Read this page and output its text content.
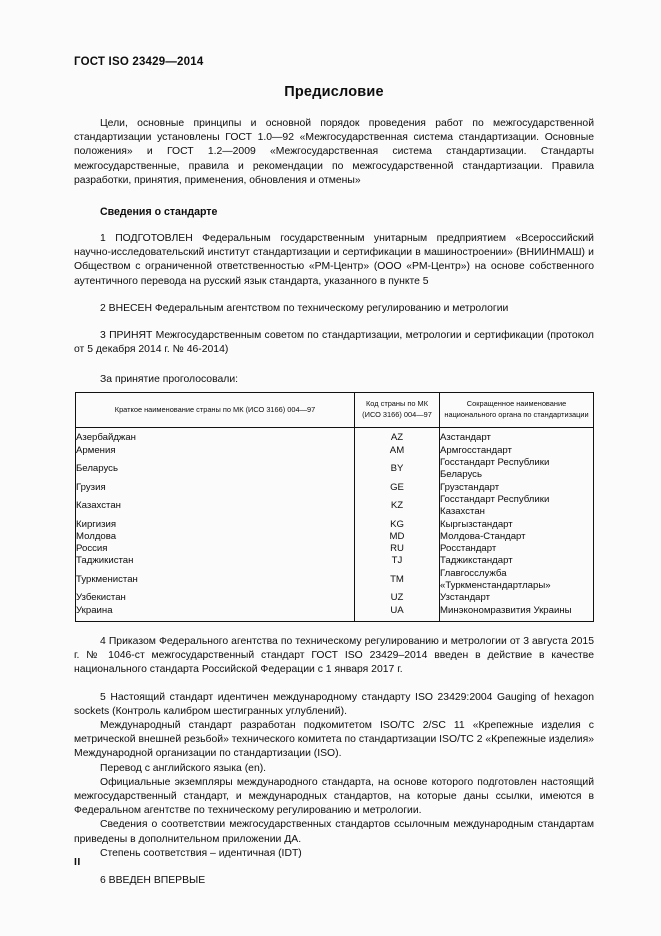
ГОСТ ISO 23429—2014
Предисловие

Цели, основные принципы и основной порядок проведения работ по межгосударственной стандартизации установлены ГОСТ 1.0—92 «Межгосударственная система стандартизации. Основные положения» и ГОСТ 1.2—2009 «Межгосударственная система стандартизации. Стандарты межгосударственные, правила и рекомендации по межгосударственной стандартизации. Правила разработки, принятия, применения, обновления и отмены»

Сведения о стандарте

1 ПОДГОТОВЛЕН Федеральным государственным унитарным предприятием «Всероссийский научно-исследовательский институт стандартизации и сертификации в машиностроении» (ВНИИНМАШ) и Обществом с ограниченной ответственностью «РМ-Центр» (ООО «РМ-Центр») на основе собственного аутентичного перевода на русский язык стандарта, указанного в пункте 5

2 ВНЕСЕН Федеральным агентством по техническому регулированию и метрологии

3 ПРИНЯТ Межгосударственным советом по стандартизации, метрологии и сертификации (протокол от 5 декабря 2014 г. № 46-2014)

За принятие проголосовали:
Краткое наименование страны по МК (ИСО 3166) 004—97	Код страны по МК (ИСО 3166) 004—97	Сокращенное наименование национального органа по стандартизации
Азербайджан	AZ	Азстандарт
Армения	AM	Армгосстандарт
Беларусь	BY	Госстандарт Республики Беларусь
Грузия	GE	Грузстандарт
Казахстан	KZ	Госстандарт Республики Казахстан
Киргизия	KG	Кыргызстандарт
Молдова	MD	Молдова-Стандарт
Россия	RU	Росстандарт
Таджикистан	TJ	Таджикстандарт
Туркменистан	TM	Главгосслужба «Туркменстандартлары»
Узбекистан	UZ	Узстандарт
Украина	UA	Минэкономразвития Украины

4 Приказом Федерального агентства по техническому регулированию и метрологии от 3 августа 2015 г. № 1046-ст межгосударственный стандарт ГОСТ ISO 23429–2014 введен в действие в качестве национального стандарта Российской Федерации с 1 января 2017 г.

5 Настоящий стандарт идентичен международному стандарту ISO 23429:2004 Gauging of hexagon sockets (Контроль калибром шестигранных углублений).

Международный стандарт разработан подкомитетом ISO/TC 2/SC 11 «Крепежные изделия с метрической внешней резьбой» технического комитета по стандартизации ISO/TC 2 «Крепежные изделия» Международной организации по стандартизации (ISO).

Перевод с английского языка (en).

Официальные экземпляры международного стандарта, на основе которого подготовлен настоящий межгосударственный стандарт, и международных стандартов, на которые даны ссылки, имеются в Федеральном агентстве по техническому регулированию и метрологии.

Сведения о соответствии межгосударственных стандартов ссылочным международным стандартам приведены в дополнительном приложении ДА.

Степень соответствия – идентичная (IDT)

6 ВВЕДЕН ВПЕРВЫЕ

II
